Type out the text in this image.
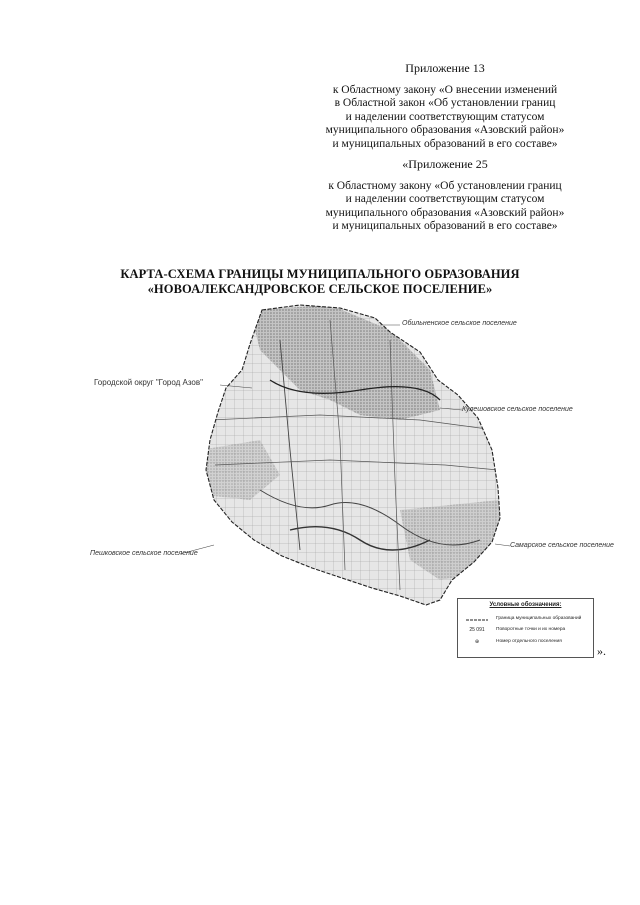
Приложение 13
к Областному закону «О внесении изменений
в Областной закон «Об установлении границ
и наделении соответствующим статусом
муниципального образования «Азовский район»
и муниципальных образований в его составе»
«Приложение 25
к Областному закону «Об установлении границ
и наделении соответствующим статусом
муниципального образования «Азовский район»
и муниципальных образований в его составе»
КАРТА-СХЕМА ГРАНИЦЫ МУНИЦИПАЛЬНОГО ОБРАЗОВАНИЯ
«НОВОАЛЕКСАНДРОВСКОЕ СЕЛЬСКОЕ ПОСЕЛЕНИЕ»
Обильненское сельское поселение
Городской округ "Город Азов"
Кулешовское сельское поселение
Пешковское сельское поселение
Самарское сельское поселение
Условные обозначения:
Граница муниципальных образований
25 091	Поворотные точки и их номера
⊕	Номер отдельного поселения
».
